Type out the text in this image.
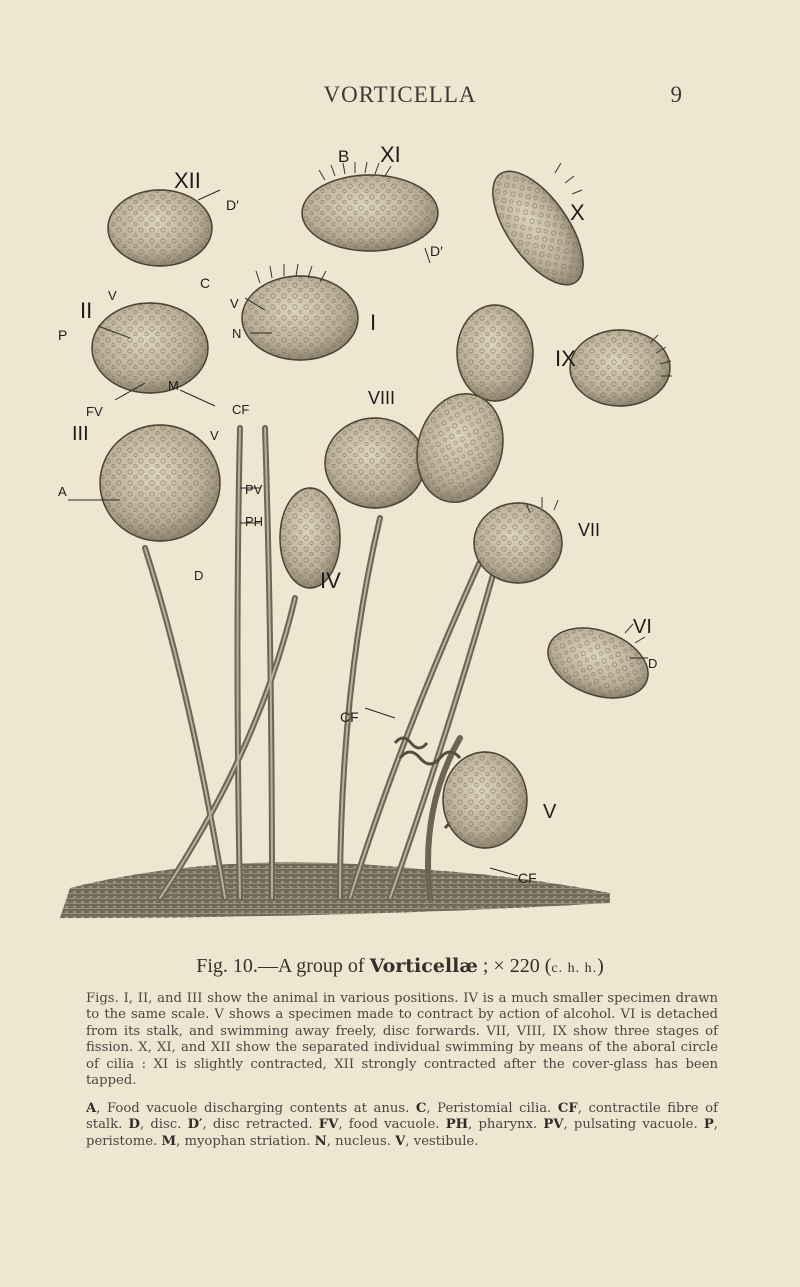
VORTICELLA	9
B XI
XII
D′
D′
X
C
V
II
P
V
N	I
IX
FV
M
CF
VIII
III	V
PV
A
PH	VII
D	IV
VI
D
CF
V
CF
Fig. 10.—A group of Vorticellæ ; × 220 (c. h. h.)
Figs. I, II, and III show the animal in various positions. IV is a much smaller specimen drawn to the same scale. V shows a specimen made to contract by action of alcohol. VI is detached from its stalk, and swimming away freely, disc forwards. VII, VIII, IX show three stages of fission. X, XI, and XII show the separated individual swimming by means of the aboral circle of cilia : XI is slightly contracted, XII strongly contracted after the cover-glass has been tapped.
A, Food vacuole discharging contents at anus. C, Peristomial cilia. CF, contractile fibre of stalk. D, disc. D′, disc retracted. FV, food vacuole. PH, pharynx. PV, pulsating vacuole. P, peristome. M, myophan striation. N, nucleus. V, vestibule.
